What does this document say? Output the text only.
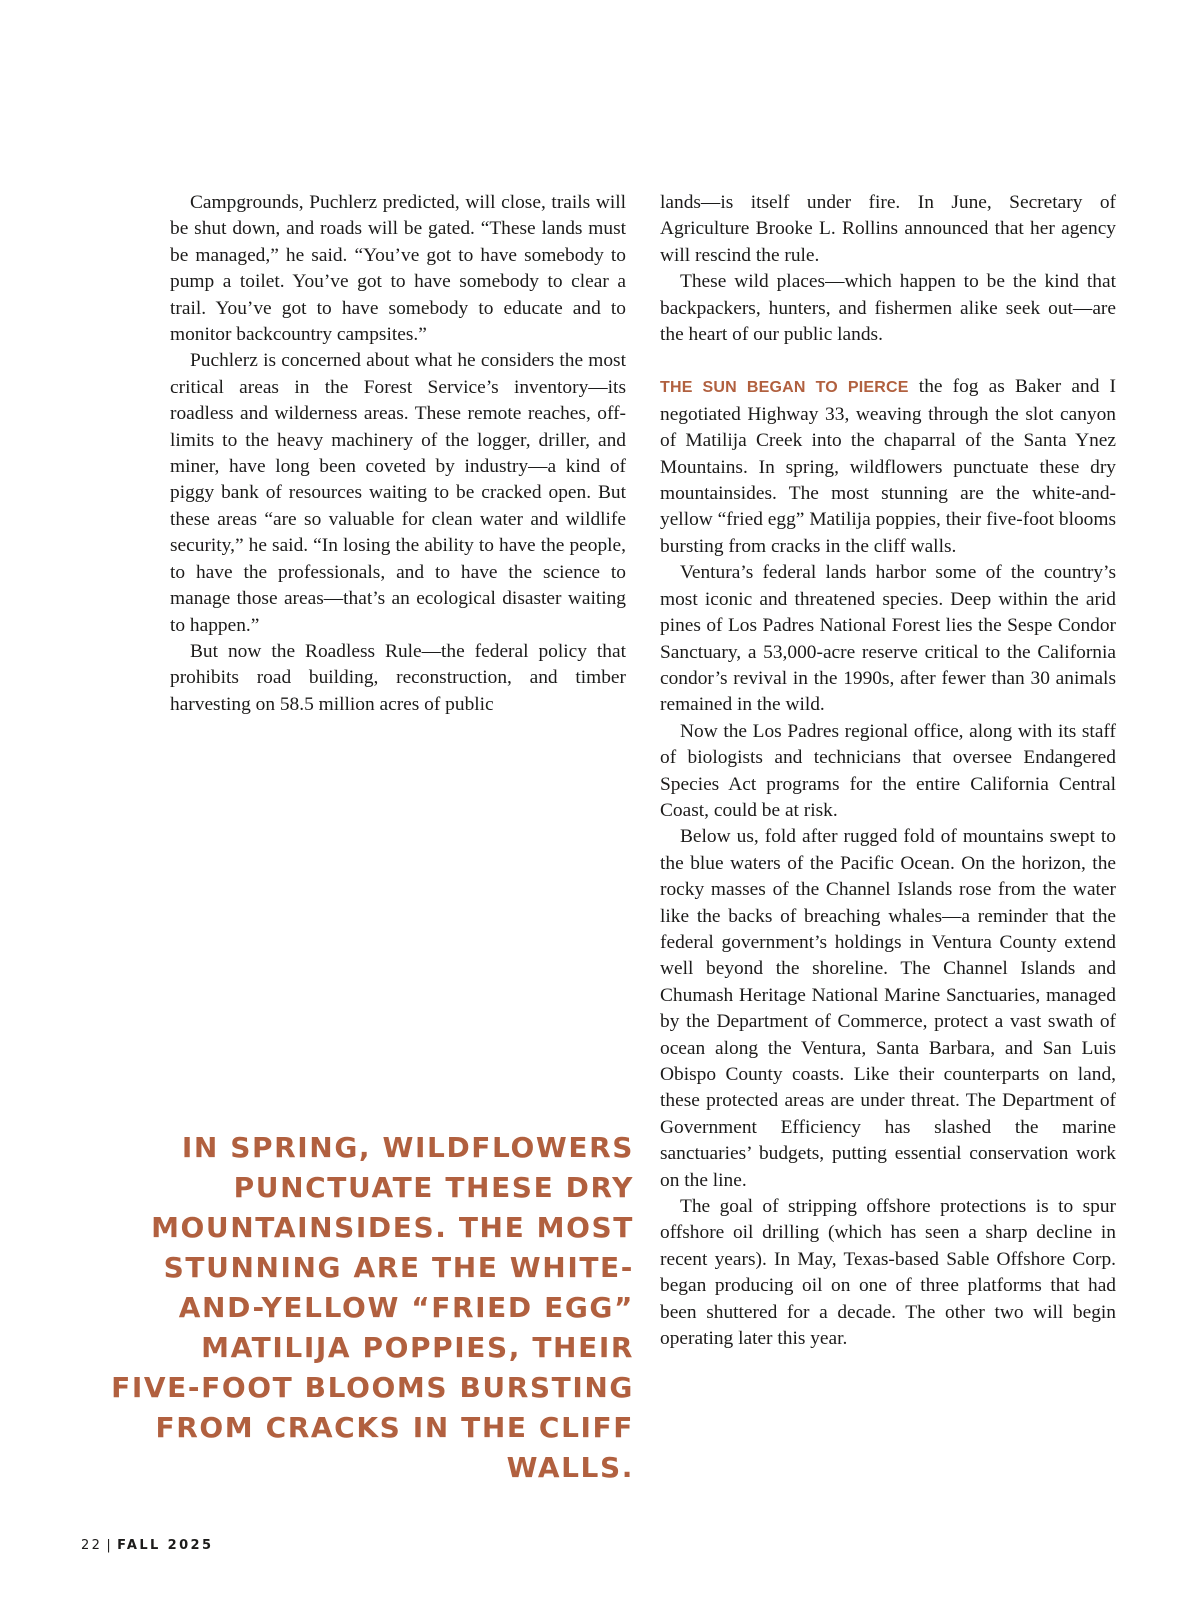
Campgrounds, Puchlerz predicted, will close, trails will be shut down, and roads will be gated. “These lands must be managed,” he said. “You’ve got to have somebody to pump a toilet. You’ve got to have somebody to clear a trail. You’ve got to have somebody to educate and to monitor backcountry campsites.”

Puchlerz is concerned about what he considers the most critical areas in the Forest Service’s inventory—its roadless and wilderness areas. These remote reaches, off-limits to the heavy machinery of the logger, driller, and miner, have long been coveted by industry—a kind of piggy bank of resources waiting to be cracked open. But these areas “are so valuable for clean water and wildlife security,” he said. “In losing the ability to have the people, to have the professionals, and to have the science to manage those areas—that’s an ecological disaster waiting to happen.”

But now the Roadless Rule—the federal policy that prohibits road building, reconstruction, and timber harvesting on 58.5 million acres of public

lands—is itself under fire. In June, Secretary of Agriculture Brooke L. Rollins announced that her agency will rescind the rule.

These wild places—which happen to be the kind that backpackers, hunters, and fishermen alike seek out—are the heart of our public lands.

THE SUN BEGAN TO PIERCE the fog as Baker and I negotiated Highway 33, weaving through the slot canyon of Matilija Creek into the chaparral of the Santa Ynez Mountains. In spring, wildflowers punctuate these dry mountainsides. The most stunning are the white-and-yellow “fried egg” Matilija poppies, their five-foot blooms bursting from cracks in the cliff walls.

Ventura’s federal lands harbor some of the country’s most iconic and threatened species. Deep within the arid pines of Los Padres National Forest lies the Sespe Condor Sanctuary, a 53,000-acre reserve critical to the California condor’s revival in the 1990s, after fewer than 30 animals remained in the wild.

Now the Los Padres regional office, along with its staff of biologists and technicians that oversee Endangered Species Act programs for the entire California Central Coast, could be at risk.

Below us, fold after rugged fold of mountains swept to the blue waters of the Pacific Ocean. On the horizon, the rocky masses of the Channel Islands rose from the water like the backs of breaching whales—a reminder that the federal government’s holdings in Ventura County extend well beyond the shoreline. The Channel Islands and Chumash Heritage National Marine Sanctuaries, managed by the Department of Commerce, protect a vast swath of ocean along the Ventura, Santa Barbara, and San Luis Obispo County coasts. Like their counterparts on land, these protected areas are under threat. The Department of Government Efficiency has slashed the marine sanctuaries’ budgets, putting essential conservation work on the line.

The goal of stripping offshore protections is to spur offshore oil drilling (which has seen a sharp decline in recent years). In May, Texas-based Sable Offshore Corp. began producing oil on one of three platforms that had been shuttered for a decade. The other two will begin operating later this year.

IN SPRING, WILDFLOWERS PUNCTUATE THESE DRY MOUNTAINSIDES. THE MOST STUNNING ARE THE WHITE-AND-YELLOW “FRIED EGG” MATILIJA POPPIES, THEIR FIVE-FOOT BLOOMS BURSTING FROM CRACKS IN THE CLIFF WALLS.

22 | FALL 2025
